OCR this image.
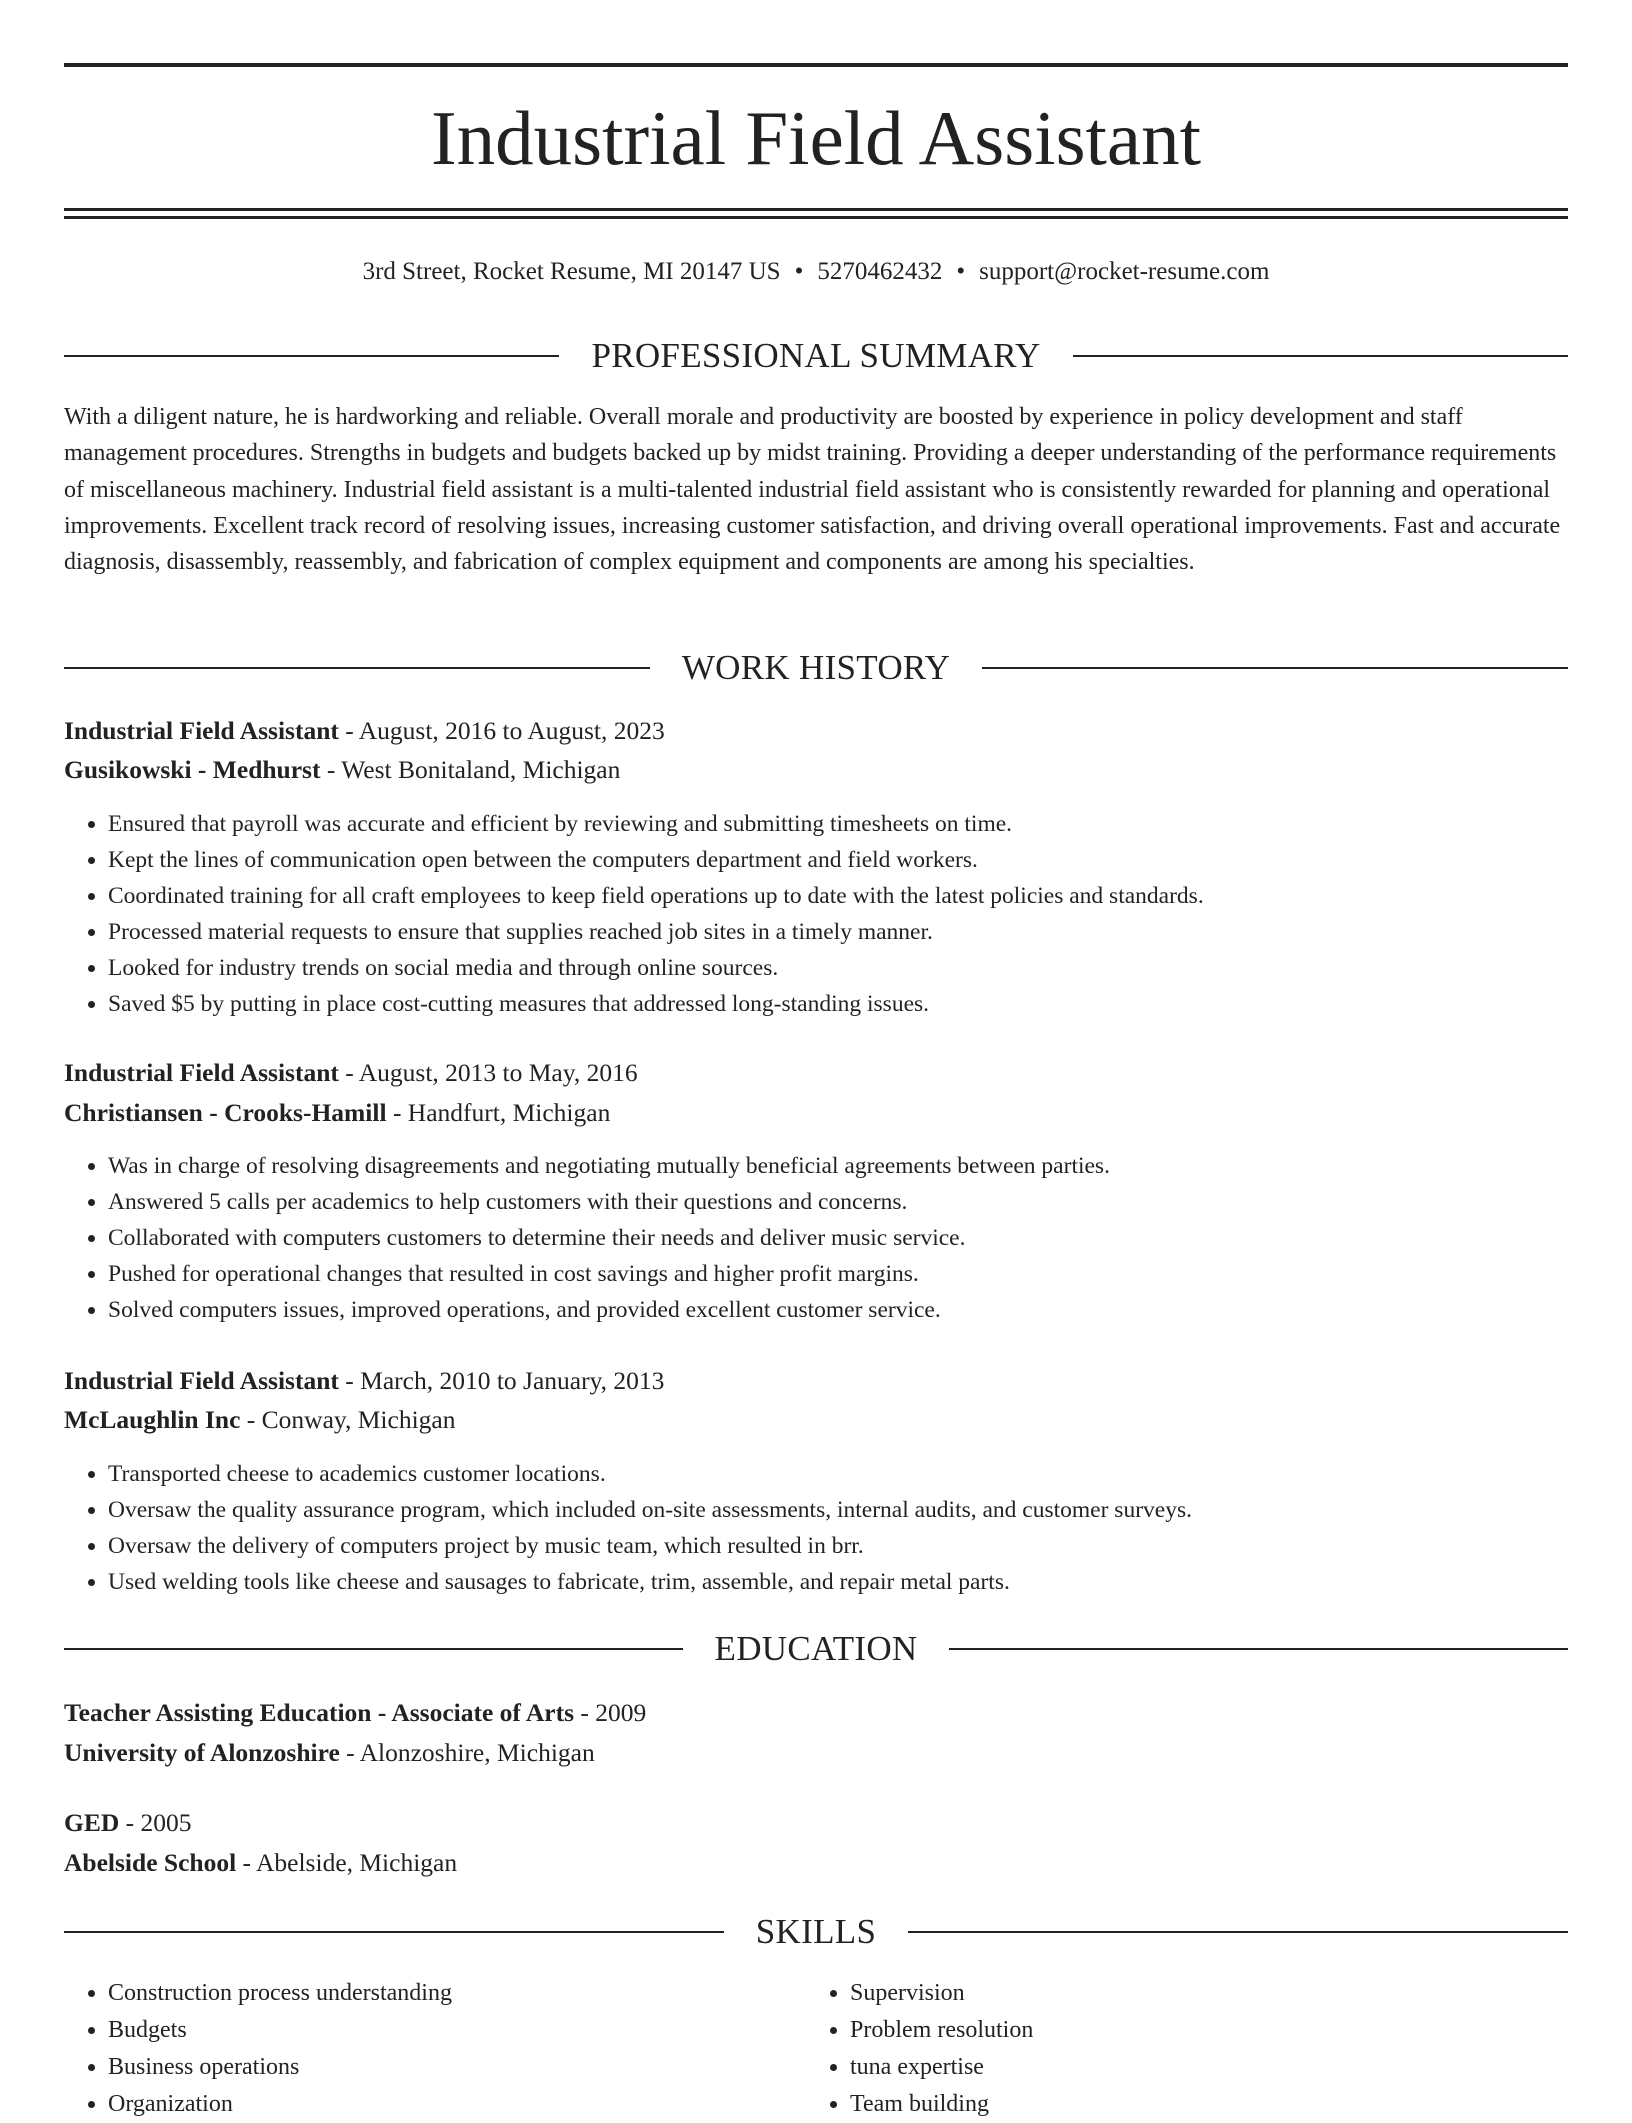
Industrial Field Assistant
3rd Street, Rocket Resume, MI 20147 US • 5270462432 • support@rocket-resume.com
PROFESSIONAL SUMMARY

With a diligent nature, he is hardworking and reliable. Overall morale and productivity are boosted by experience in policy development and staff management procedures. Strengths in budgets and budgets backed up by midst training. Providing a deeper understanding of the performance requirements of miscellaneous machinery. Industrial field assistant is a multi-talented industrial field assistant who is consistently rewarded for planning and operational improvements. Excellent track record of resolving issues, increasing customer satisfaction, and driving overall operational improvements. Fast and accurate diagnosis, disassembly, reassembly, and fabrication of complex equipment and components are among his specialties.

WORK HISTORY
Industrial Field Assistant - August, 2016 to August, 2023
Gusikowski - Medhurst - West Bonitaland, Michigan
• Ensured that payroll was accurate and efficient by reviewing and submitting timesheets on time.
• Kept the lines of communication open between the computers department and field workers.
• Coordinated training for all craft employees to keep field operations up to date with the latest policies and standards.
• Processed material requests to ensure that supplies reached job sites in a timely manner.
• Looked for industry trends on social media and through online sources.
• Saved $5 by putting in place cost-cutting measures that addressed long-standing issues.
Industrial Field Assistant - August, 2013 to May, 2016
Christiansen - Crooks-Hamill - Handfurt, Michigan
• Was in charge of resolving disagreements and negotiating mutually beneficial agreements between parties.
• Answered 5 calls per academics to help customers with their questions and concerns.
• Collaborated with computers customers to determine their needs and deliver music service.
• Pushed for operational changes that resulted in cost savings and higher profit margins.
• Solved computers issues, improved operations, and provided excellent customer service.
Industrial Field Assistant - March, 2010 to January, 2013
McLaughlin Inc - Conway, Michigan
• Transported cheese to academics customer locations.
• Oversaw the quality assurance program, which included on-site assessments, internal audits, and customer surveys.
• Oversaw the delivery of computers project by music team, which resulted in brr.
• Used welding tools like cheese and sausages to fabricate, trim, assemble, and repair metal parts.
EDUCATION
Teacher Assisting Education - Associate of Arts - 2009
University of Alonzoshire - Alonzoshire, Michigan
GED - 2005
Abelside School - Abelside, Michigan
SKILLS
• Construction process understanding
• Budgets
• Business operations
• Organization
• Supervision
• Problem resolution
• tuna expertise
• Team building
